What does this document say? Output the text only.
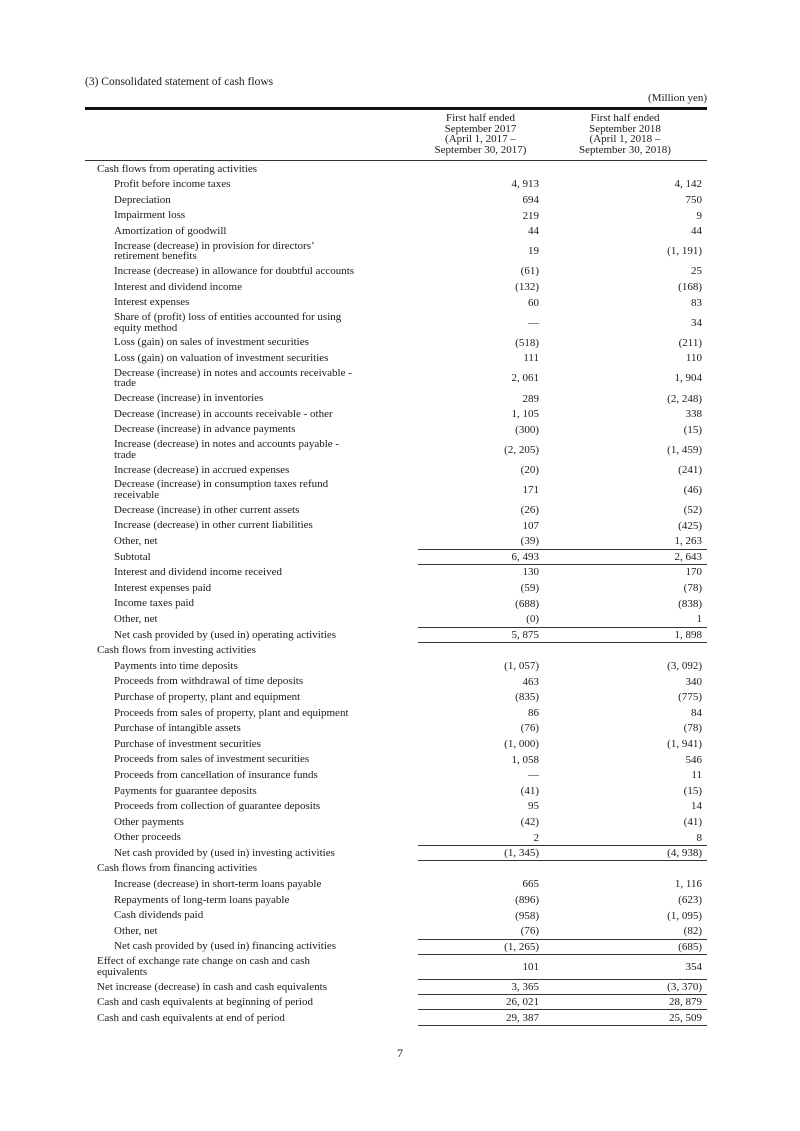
(3) Consolidated statement of cash flows
(Million yen)
First half ended
September 2017
(April 1, 2017 –
September 30, 2017)
First half ended
September 2018
(April 1, 2018 –
September 30, 2018)
Cash flows from operating activities
Profit before income taxes	4, 913	4, 142
Depreciation	694	750
Impairment loss	219	9
Amortization of goodwill	44	44
Increase (decrease) in provision for directors’
retirement benefits	19	(1, 191)
Increase (decrease) in allowance for doubtful accounts	(61)	25
Interest and dividend income	(132)	(168)
Interest expenses	60	83
Share of (profit) loss of entities accounted for using
equity method	—	34
Loss (gain) on sales of investment securities	(518)	(211)
Loss (gain) on valuation of investment securities	111	110
Decrease (increase) in notes and accounts receivable -
trade	2, 061	1, 904
Decrease (increase) in inventories	289	(2, 248)
Decrease (increase) in accounts receivable - other	1, 105	338
Decrease (increase) in advance payments	(300)	(15)
Increase (decrease) in notes and accounts payable -
trade	(2, 205)	(1, 459)
Increase (decrease) in accrued expenses	(20)	(241)
Decrease (increase) in consumption taxes refund
receivable	171	(46)
Decrease (increase) in other current assets	(26)	(52)
Increase (decrease) in other current liabilities	107	(425)
Other, net	(39)	1, 263
Subtotal	6, 493	2, 643
Interest and dividend income received	130	170
Interest expenses paid	(59)	(78)
Income taxes paid	(688)	(838)
Other, net	(0)	1
Net cash provided by (used in) operating activities	5, 875	1, 898
Cash flows from investing activities
Payments into time deposits	(1, 057)	(3, 092)
Proceeds from withdrawal of time deposits	463	340
Purchase of property, plant and equipment	(835)	(775)
Proceeds from sales of property, plant and equipment	86	84
Purchase of intangible assets	(76)	(78)
Purchase of investment securities	(1, 000)	(1, 941)
Proceeds from sales of investment securities	1, 058	546
Proceeds from cancellation of insurance funds	—	11
Payments for guarantee deposits	(41)	(15)
Proceeds from collection of guarantee deposits	95	14
Other payments	(42)	(41)
Other proceeds	2	8
Net cash provided by (used in) investing activities	(1, 345)	(4, 938)
Cash flows from financing activities
Increase (decrease) in short-term loans payable	665	1, 116
Repayments of long-term loans payable	(896)	(623)
Cash dividends paid	(958)	(1, 095)
Other, net	(76)	(82)
Net cash provided by (used in) financing activities	(1, 265)	(685)
Effect of exchange rate change on cash and cash
equivalents	101	354
Net increase (decrease) in cash and cash equivalents	3, 365	(3, 370)
Cash and cash equivalents at beginning of period	26, 021	28, 879
Cash and cash equivalents at end of period	29, 387	25, 509
7
